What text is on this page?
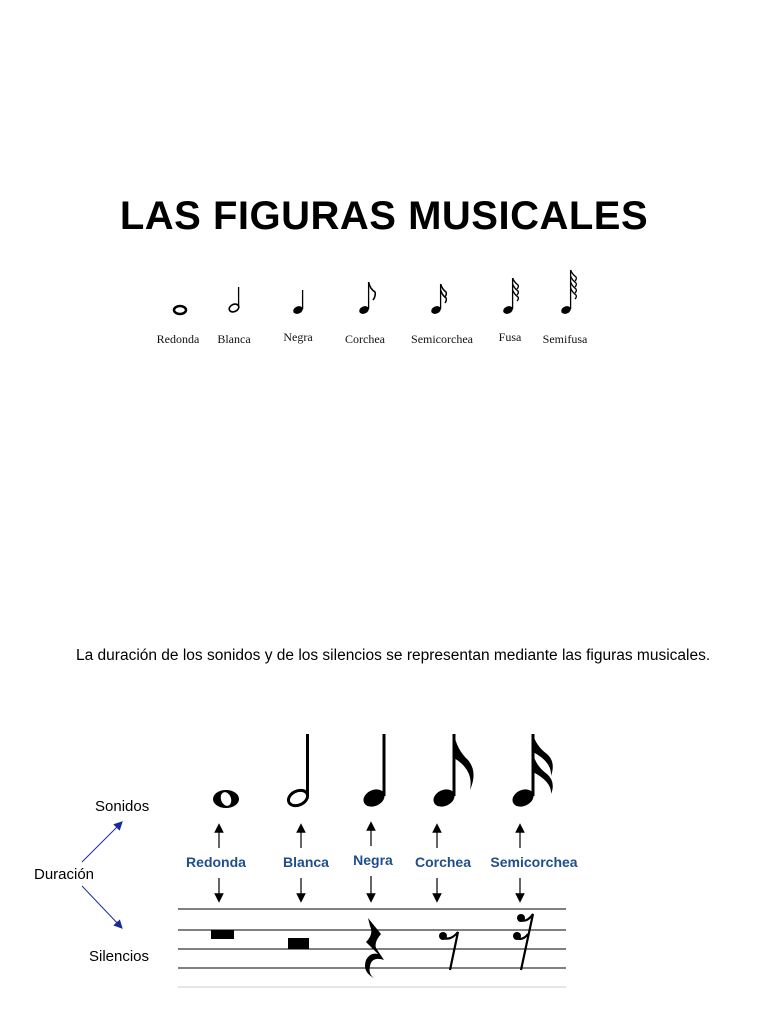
LAS FIGURAS MUSICALES
Redonda Blanca	Negra	Corchea Semicorchea Fusa Semifusa
La duración de los sonidos y de los silencios se representan mediante las figuras musicales.
Sonidos
Duración
Silencios
Redonda	Blanca Negra Corchea Semicorchea
